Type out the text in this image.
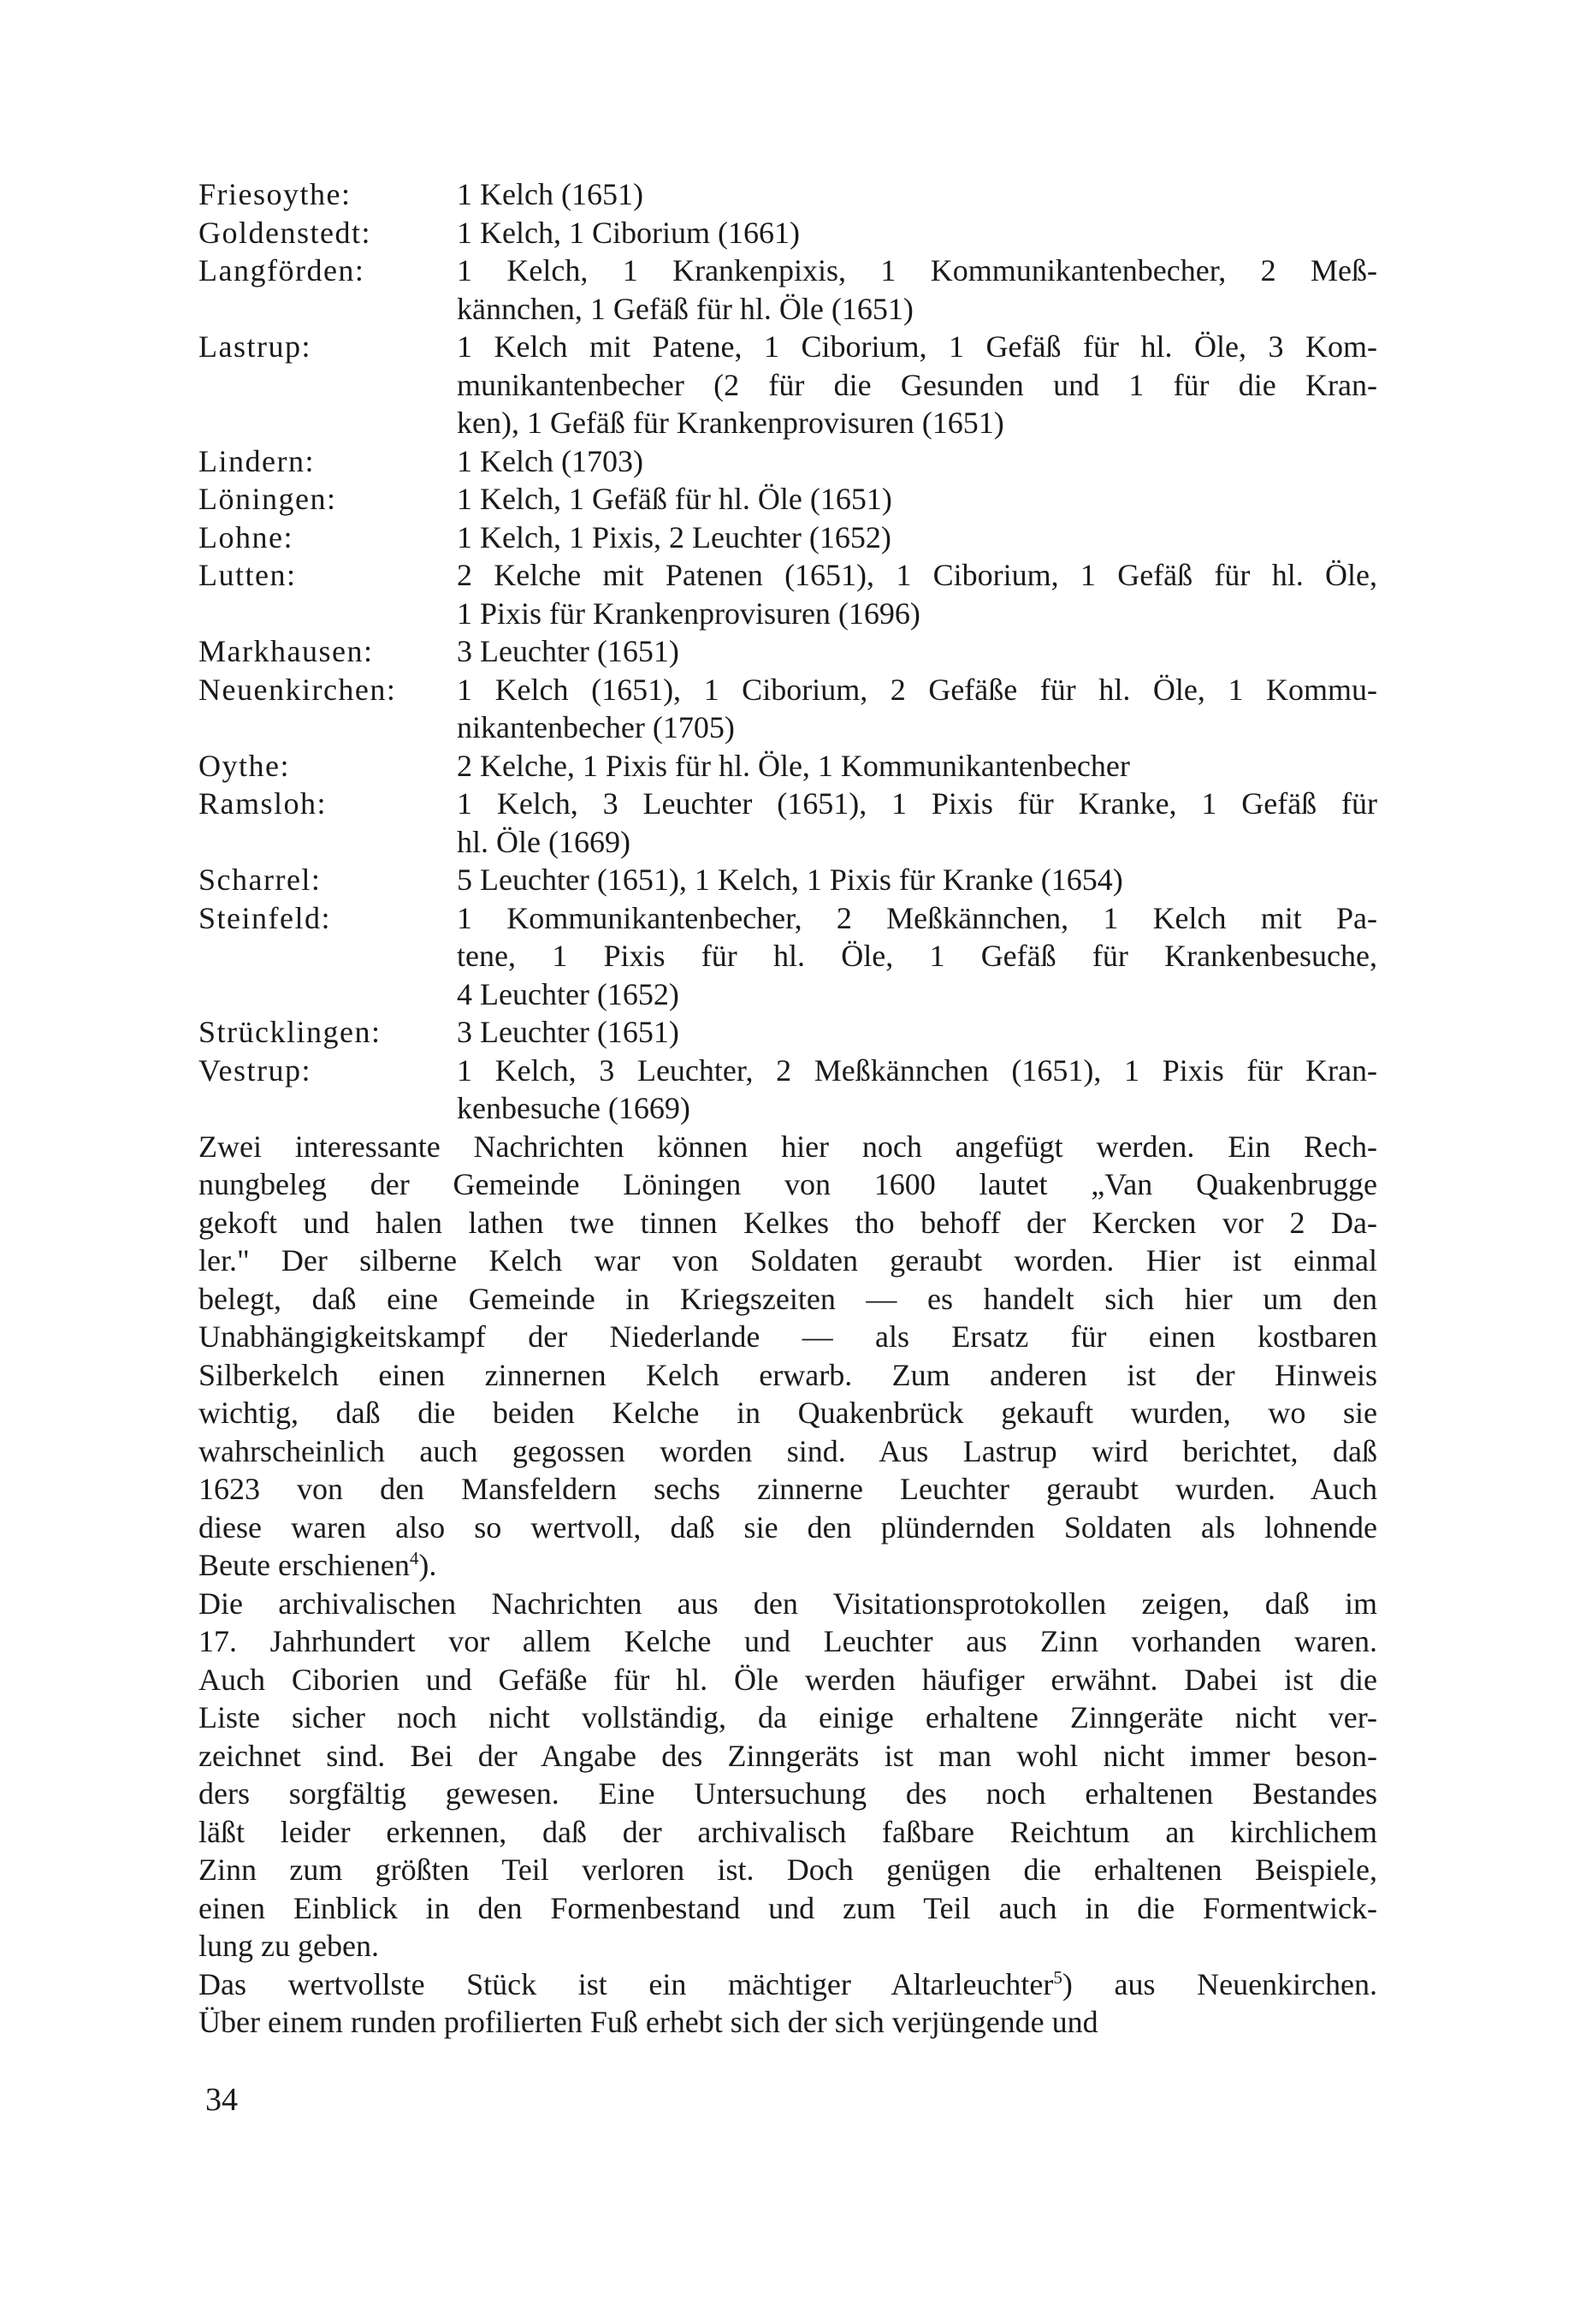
Friesoythe:	1 Kelch (1651)
Goldenstedt:	1 Kelch, 1 Ciborium (1661)
Langförden:	1 Kelch, 1 Krankenpixis, 1 Kommunikantenbecher, 2 Meß-
kännchen, 1 Gefäß für hl. Öle (1651)
Lastrup:	1 Kelch mit Patene, 1 Ciborium, 1 Gefäß für hl. Öle, 3 Kom-
munikantenbecher (2 für die Gesunden und 1 für die Kran-
ken), 1 Gefäß für Krankenprovisuren (1651)
Lindern:	1 Kelch (1703)
Löningen:	1 Kelch, 1 Gefäß für hl. Öle (1651)
Lohne:	1 Kelch, 1 Pixis, 2 Leuchter (1652)
Lutten:	2 Kelche mit Patenen (1651), 1 Ciborium, 1 Gefäß für hl. Öle,
1 Pixis für Krankenprovisuren (1696)
Markhausen:	3 Leuchter (1651)
Neuenkirchen:	1 Kelch (1651), 1 Ciborium, 2 Gefäße für hl. Öle, 1 Kommu-
nikantenbecher (1705)
Oythe:	2 Kelche, 1 Pixis für hl. Öle, 1 Kommunikantenbecher
Ramsloh:	1 Kelch, 3 Leuchter (1651), 1 Pixis für Kranke, 1 Gefäß für
hl. Öle (1669)
Scharrel:	5 Leuchter (1651), 1 Kelch, 1 Pixis für Kranke (1654)
Steinfeld:	1 Kommunikantenbecher, 2 Meßkännchen, 1 Kelch mit Pa-
tene, 1 Pixis für hl. Öle, 1 Gefäß für Krankenbesuche,
4 Leuchter (1652)
Strücklingen:	3 Leuchter (1651)
Vestrup:	1 Kelch, 3 Leuchter, 2 Meßkännchen (1651), 1 Pixis für Kran-
kenbesuche (1669)
Zwei interessante Nachrichten können hier noch angefügt werden. Ein Rech-
nungbeleg der Gemeinde Löningen von 1600 lautet „Van Quakenbrugge
gekoft und halen lathen twe tinnen Kelkes tho behoff der Kercken vor 2 Da-
ler." Der silberne Kelch war von Soldaten geraubt worden. Hier ist einmal
belegt, daß eine Gemeinde in Kriegszeiten — es handelt sich hier um den
Unabhängigkeitskampf der Niederlande — als Ersatz für einen kostbaren
Silberkelch einen zinnernen Kelch erwarb. Zum anderen ist der Hinweis
wichtig, daß die beiden Kelche in Quakenbrück gekauft wurden, wo sie
wahrscheinlich auch gegossen worden sind. Aus Lastrup wird berichtet, daß
1623 von den Mansfeldern sechs zinnerne Leuchter geraubt wurden. Auch
diese waren also so wertvoll, daß sie den plündernden Soldaten als lohnende
Beute erschienen$^4$).
Die archivalischen Nachrichten aus den Visitationsprotokollen zeigen, daß im
17. Jahrhundert vor allem Kelche und Leuchter aus Zinn vorhanden waren.
Auch Ciborien und Gefäße für hl. Öle werden häufiger erwähnt. Dabei ist die
Liste sicher noch nicht vollständig, da einige erhaltene Zinngeräte nicht ver-
zeichnet sind. Bei der Angabe des Zinngeräts ist man wohl nicht immer beson-
ders sorgfältig gewesen. Eine Untersuchung des noch erhaltenen Bestandes
läßt leider erkennen, daß der archivalisch faßbare Reichtum an kirchlichem
Zinn zum größten Teil verloren ist. Doch genügen die erhaltenen Beispiele,
einen Einblick in den Formenbestand und zum Teil auch in die Formentwick-
lung zu geben.
Das wertvollste Stück ist ein mächtiger Altarleuchter$^5$) aus Neuenkirchen.
Über einem runden profilierten Fuß erhebt sich der sich verjüngende und
34
